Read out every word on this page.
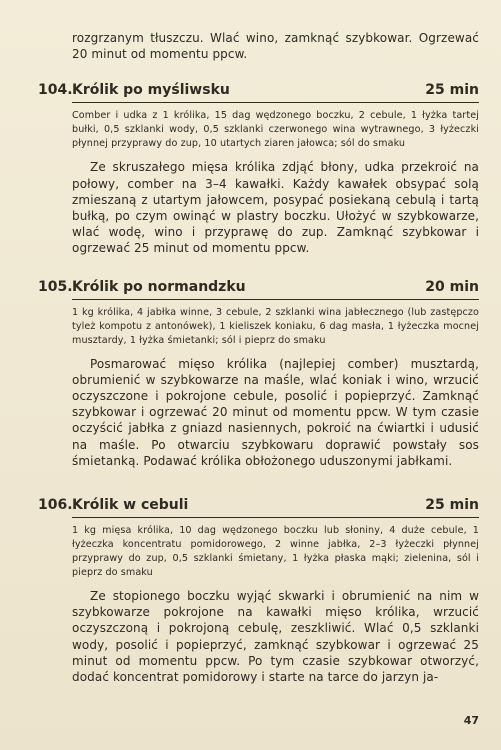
rozgrzanym tłuszczu. Wlać wino, zamknąć szybkowar. Ogrzewać 20 minut od momentu ppcw.

104. Królik po myśliwsku	25 min

Comber i udka z 1 królika, 15 dag wędzonego boczku, 2 cebule, 1 łyżka tartej bułki, 0,5 szklanki wody, 0,5 szklanki czerwonego wina wytrawnego, 3 łyżeczki płynnej przyprawy do zup, 10 utartych ziaren jałowca; sól do smaku

Ze skruszałego mięsa królika zdjąć błony, udka przekroić na połowy, comber na 3–4 kawałki. Każdy kawałek obsypać solą zmieszaną z utartym jałowcem, posypać posiekaną cebulą i tartą bułką, po czym owinąć w plastry boczku. Ułożyć w szybkowarze, wlać wodę, wino i przyprawę do zup. Zamknąć szybkowar i ogrzewać 25 minut od momentu ppcw.

105. Królik po normandzku	20 min

1 kg królika, 4 jabłka winne, 3 cebule, 2 szklanki wina jabłecznego (lub zastępczo tyleż kompotu z antonówek), 1 kieliszek koniaku, 6 dag masła, 1 łyżeczka mocnej musztardy, 1 łyżka śmietanki; sól i pieprz do smaku

Posmarować mięso królika (najlepiej comber) musztardą, obrumienić w szybkowarze na maśle, wlać koniak i wino, wrzucić oczyszczone i pokrojone cebule, posolić i popieprzyć. Zamknąć szybkowar i ogrzewać 20 minut od momentu ppcw. W tym czasie oczyścić jabłka z gniazd nasiennych, pokroić na ćwiartki i udusić na maśle. Po otwarciu szybkowaru doprawić powstały sos śmietanką. Podawać królika obłożonego uduszonymi jabłkami.

106. Królik w cebuli	25 min

1 kg mięsa królika, 10 dag wędzonego boczku lub słoniny, 4 duże cebule, 1 łyżeczka koncentratu pomidorowego, 2 winne jabłka, 2–3 łyżeczki płynnej przyprawy do zup, 0,5 szklanki śmietany, 1 łyżka płaska mąki; zielenina, sól i pieprz do smaku

Ze stopionego boczku wyjąć skwarki i obrumienić na nim w szybkowarze pokrojone na kawałki mięso królika, wrzucić oczyszczoną i pokrojoną cebulę, zeszkliwić. Wlać 0,5 szklanki wody, posolić i popieprzyć, zamknąć szybkowar i ogrzewać 25 minut od momentu ppcw. Po tym czasie szybkowar otworzyć, dodać koncentrat pomidorowy i starte na tarce do jarzyn ja-

47
